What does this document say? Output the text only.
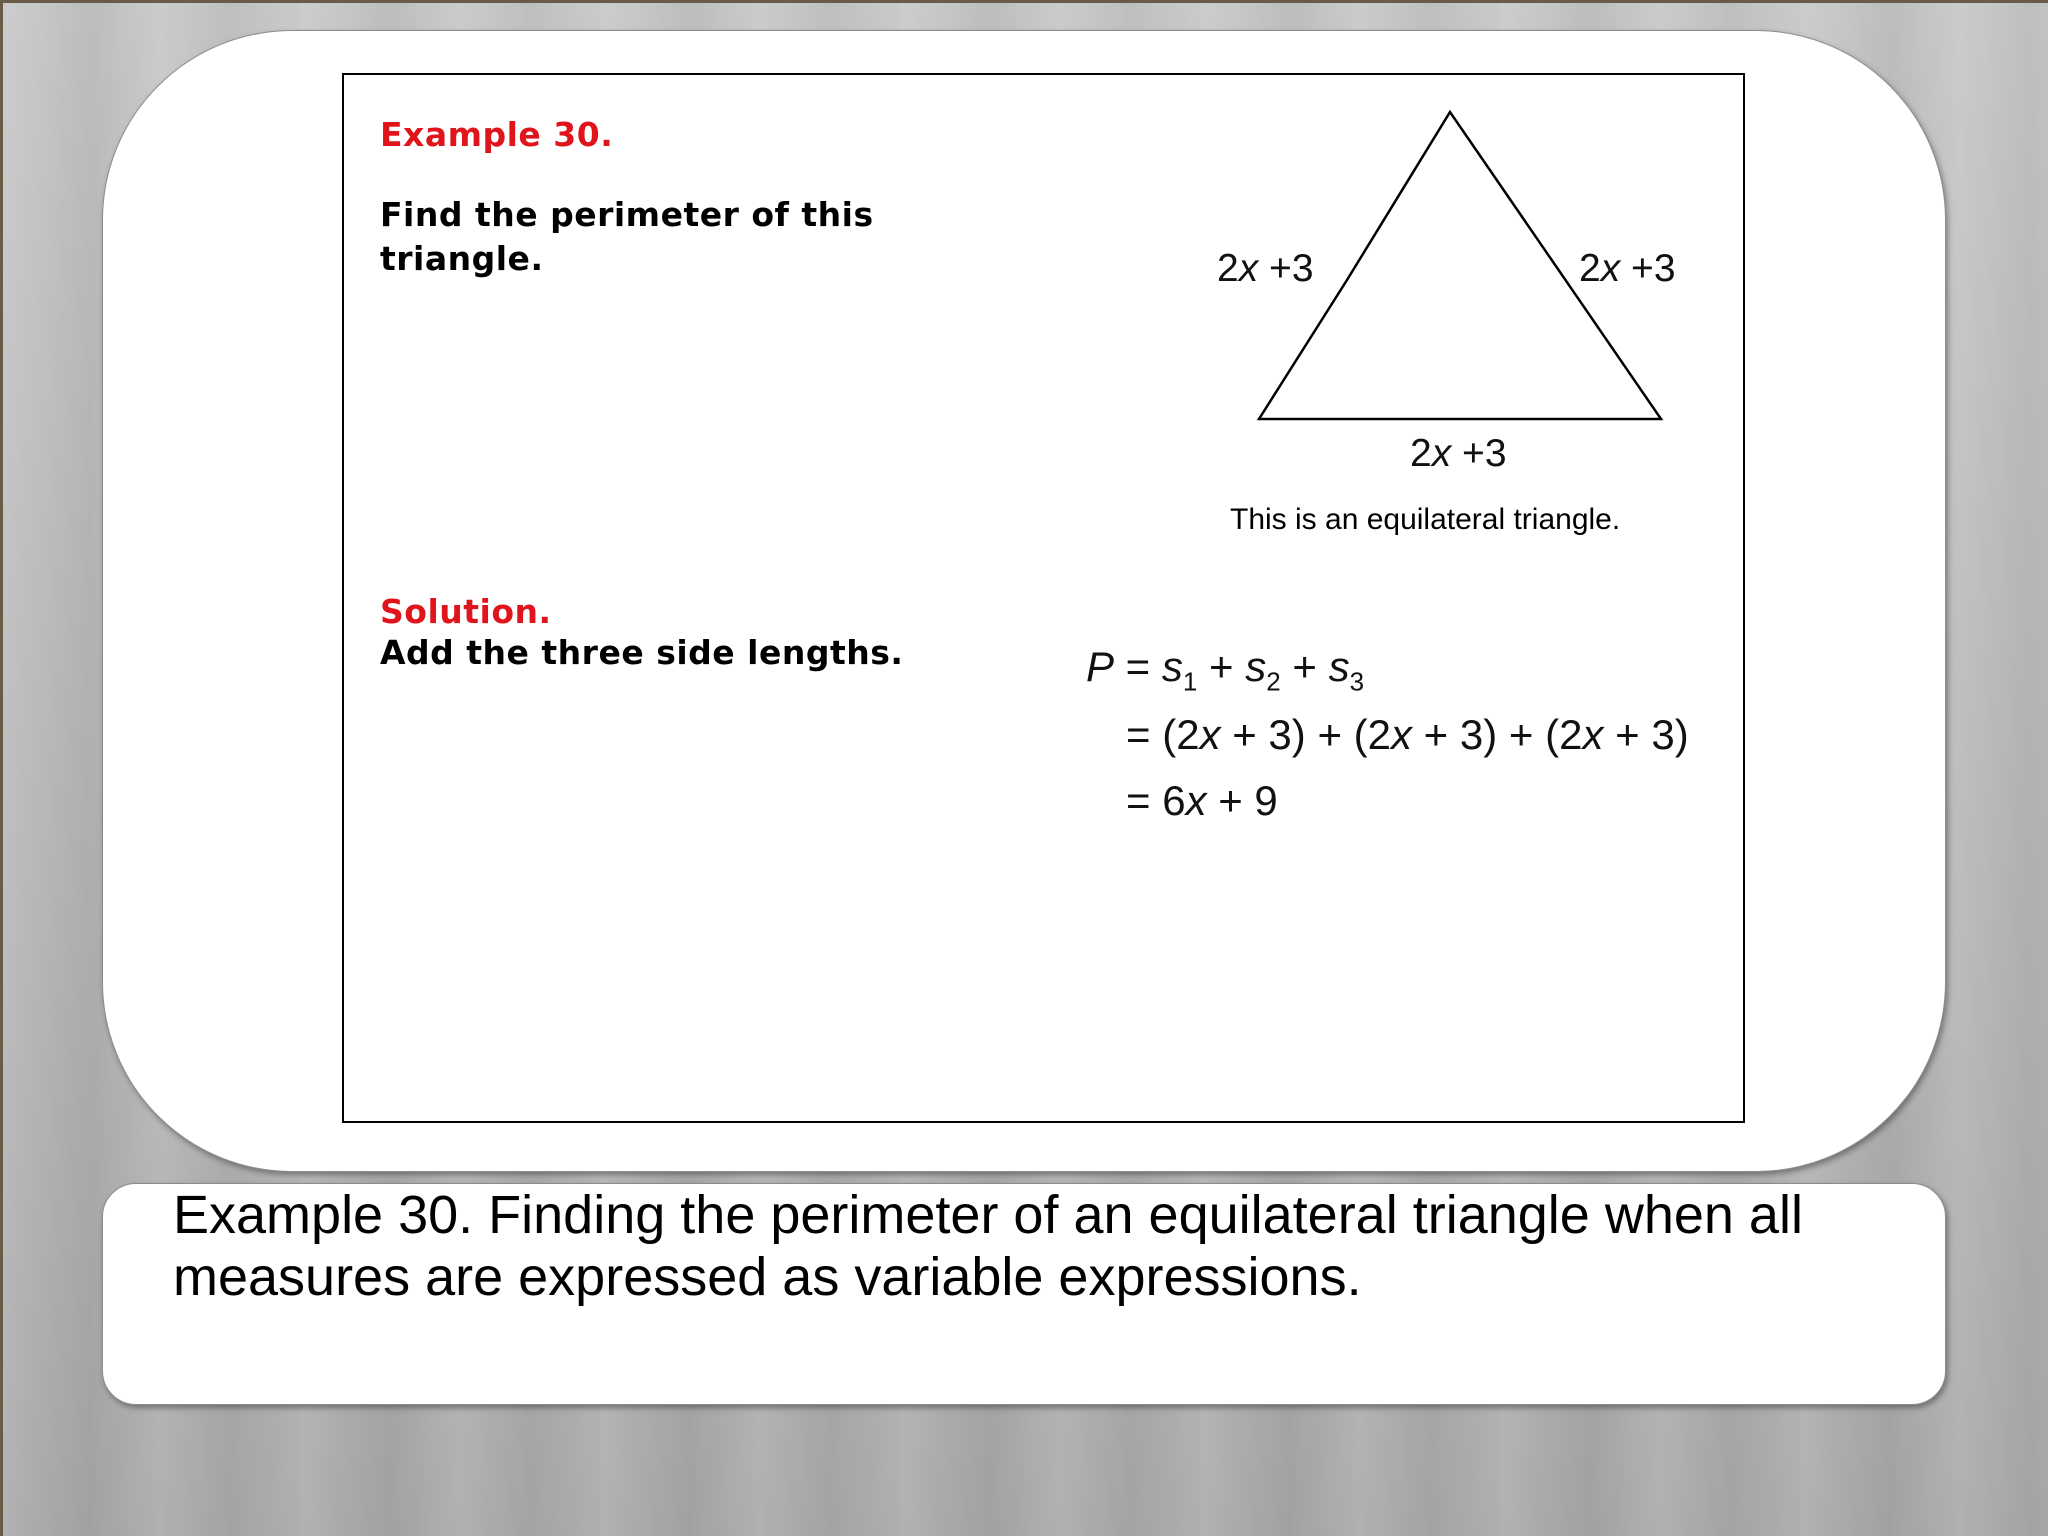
Example 30.
Find the perimeter of this triangle.	2x +3	2x +3
2x +3
This is an equilateral triangle.
Solution.
Add the three side lengths.	$P = s_1 + s_2 + s_3$
= (2x + 3) + (2x + 3) + (2x + 3)
= 6x + 9
Example 30. Finding the perimeter of an equilateral triangle when all measures are expressed as variable expressions.
